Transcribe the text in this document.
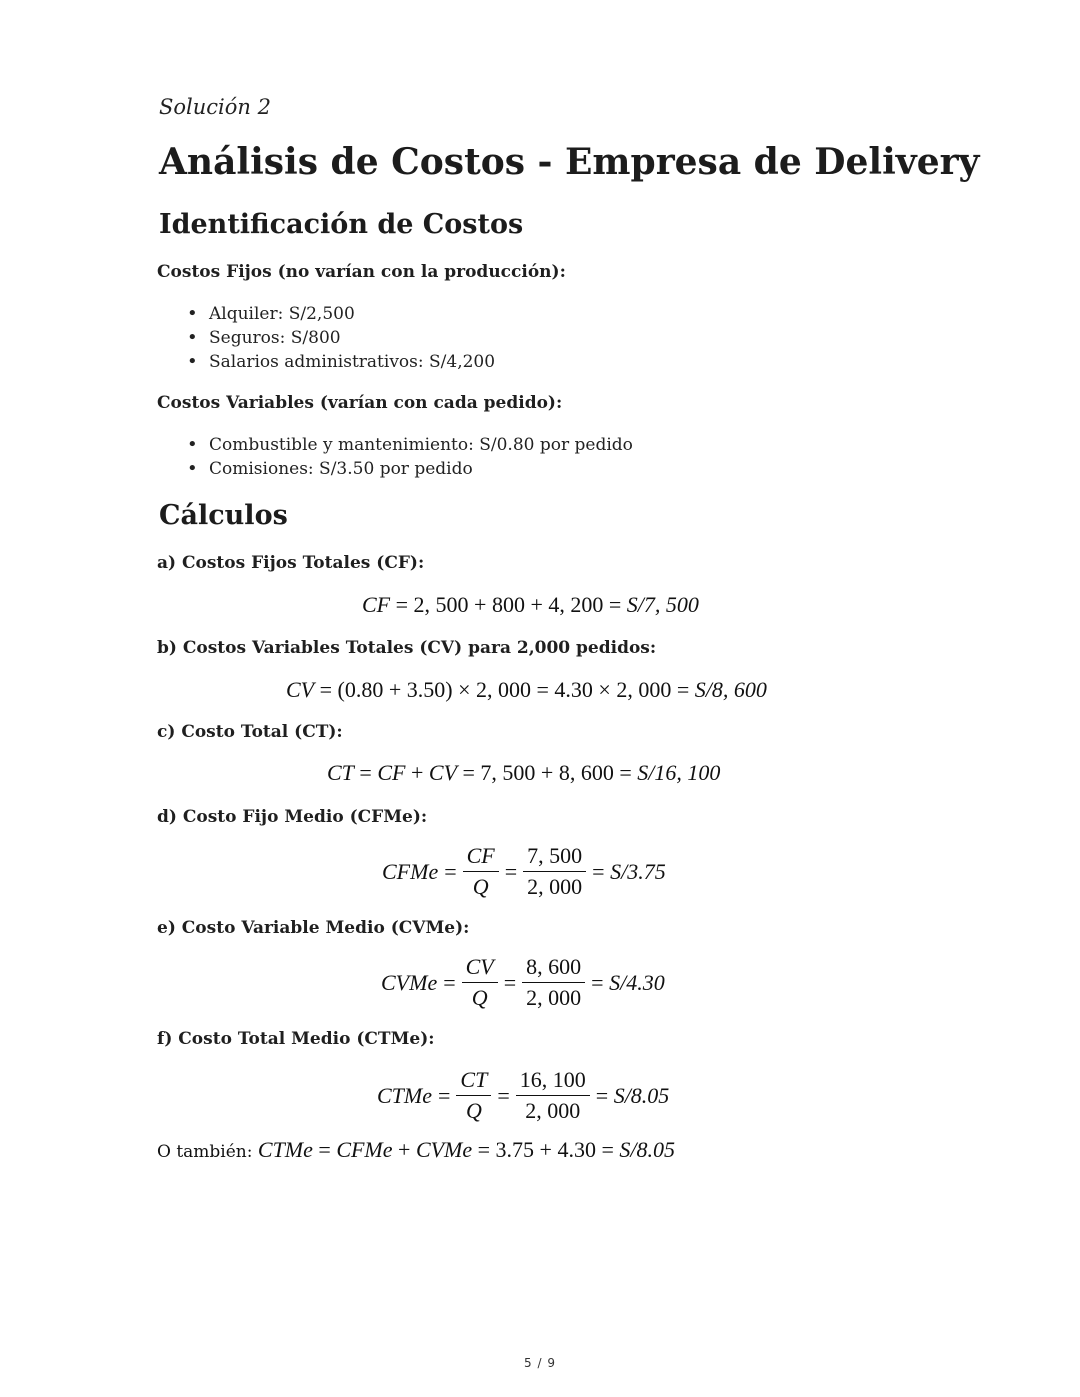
Solución 2
Análisis de Costos - Empresa de Delivery
Identificación de Costos
Costos Fijos (no varían con la producción):
• Alquiler: S/2,500
• Seguros: S/800
• Salarios administrativos: S/4,200
Costos Variables (varían con cada pedido):
• Combustible y mantenimiento: S/0.80 por pedido
• Comisiones: S/3.50 por pedido
Cálculos
a) Costos Fijos Totales (CF):
CF = 2, 500 + 800 + 4, 200 = S/7, 500
b) Costos Variables Totales (CV) para 2,000 pedidos:
CV = (0.80 + 3.50) × 2, 000 = 4.30 × 2, 000 = S/8, 600
c) Costo Total (CT):
CT = CF + CV = 7, 500 + 8, 600 = S/16, 100
d) Costo Fijo Medio (CFMe):
CFMe = $\frac{CF}{Q} = \frac{7, 500}{2, 000} = S/3.75$
e) Costo Variable Medio (CVMe):
CVMe = $\frac{CV}{Q} = \frac{8, 600}{2, 000} = S/4.30$
f) Costo Total Medio (CTMe):
CTMe = $\frac{CT}{Q} = \frac{16, 100}{2, 000} = S/8.05$
O también: CTMe = CFMe + CVMe = 3.75 + 4.30 = S/8.05
5 / 9
